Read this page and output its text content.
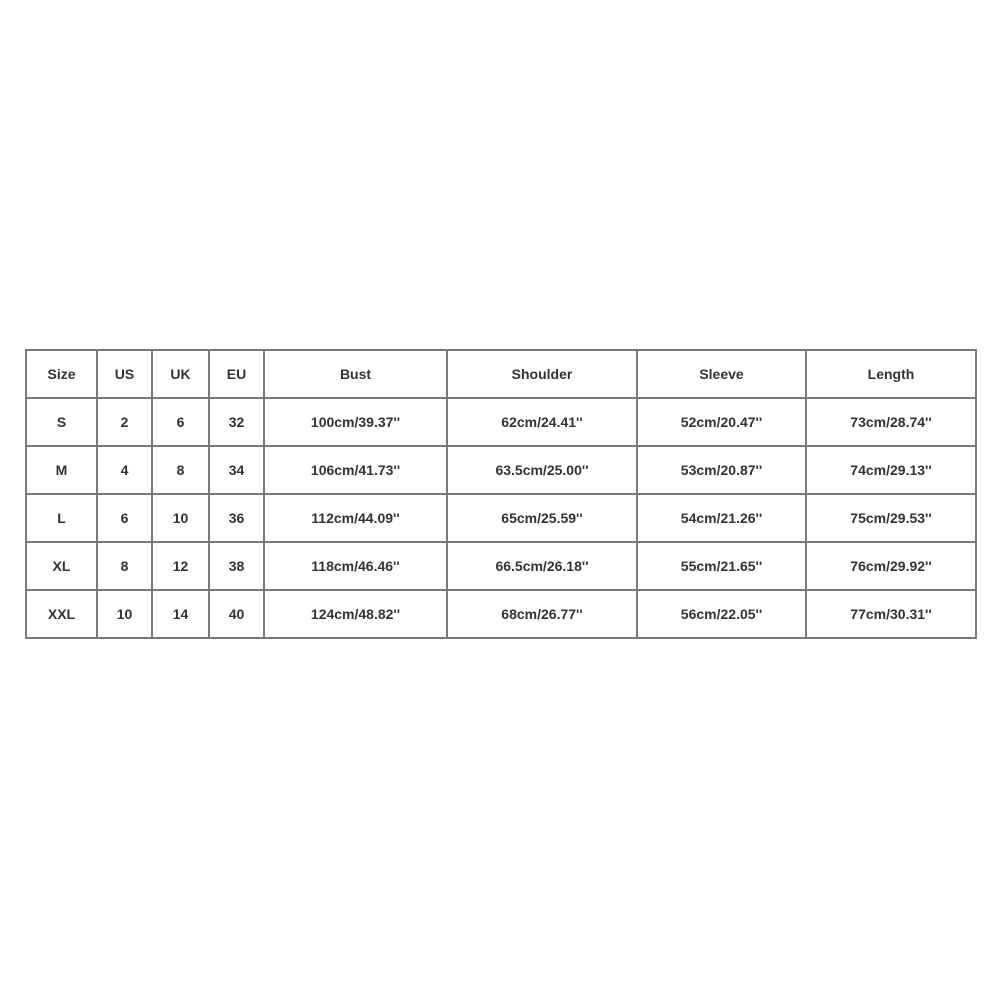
Size	US	UK	EU	Bust	Shoulder	Sleeve	Length
S	2	6	32	100cm/39.37''	62cm/24.41''	52cm/20.47''	73cm/28.74''
M	4	8	34	106cm/41.73''	63.5cm/25.00''	53cm/20.87''	74cm/29.13''
L	6	10	36	112cm/44.09''	65cm/25.59''	54cm/21.26''	75cm/29.53''
XL	8	12	38	118cm/46.46''	66.5cm/26.18''	55cm/21.65''	76cm/29.92''
XXL	10	14	40	124cm/48.82''	68cm/26.77''	56cm/22.05''	77cm/30.31''
